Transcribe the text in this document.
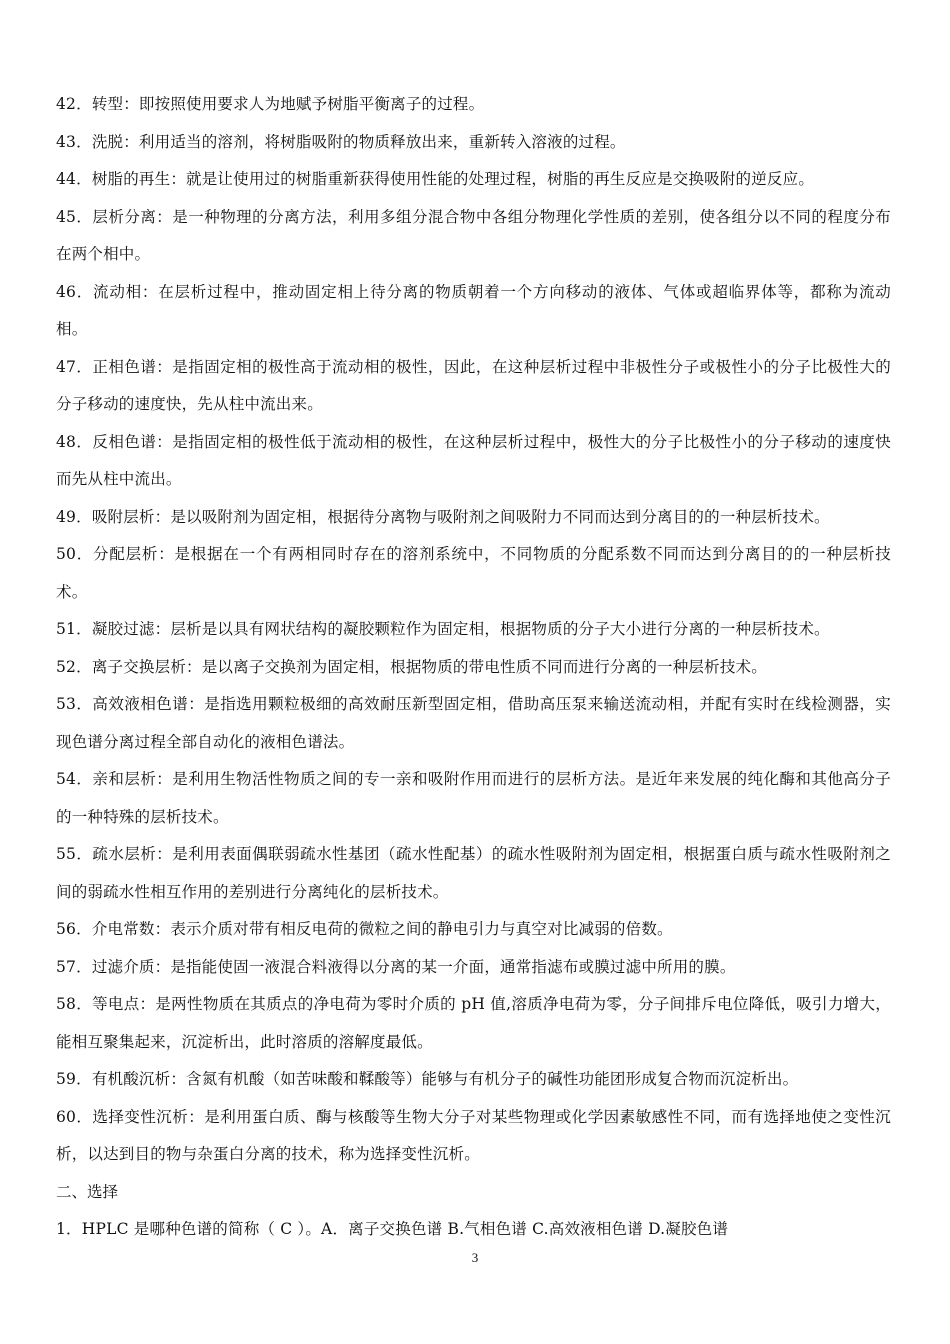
42．转型：即按照使用要求人为地赋予树脂平衡离子的过程。

43．洗脱：利用适当的溶剂，将树脂吸附的物质释放出来，重新转入溶液的过程。

44．树脂的再生：就是让使用过的树脂重新获得使用性能的处理过程，树脂的再生反应是交换吸附的逆反应。

45．层析分离：是一种物理的分离方法，利用多组分混合物中各组分物理化学性质的差别，使各组分以不同的程度分布在两个相中。

46．流动相：在层析过程中，推动固定相上待分离的物质朝着一个方向移动的液体、气体或超临界体等，都称为流动相。

47．正相色谱：是指固定相的极性高于流动相的极性，因此，在这种层析过程中非极性分子或极性小的分子比极性大的分子移动的速度快，先从柱中流出来。

48．反相色谱：是指固定相的极性低于流动相的极性，在这种层析过程中，极性大的分子比极性小的分子移动的速度快而先从柱中流出。

49．吸附层析：是以吸附剂为固定相，根据待分离物与吸附剂之间吸附力不同而达到分离目的的一种层析技术。

50．分配层析：是根据在一个有两相同时存在的溶剂系统中，不同物质的分配系数不同而达到分离目的的一种层析技术。

51．凝胶过滤：层析是以具有网状结构的凝胶颗粒作为固定相，根据物质的分子大小进行分离的一种层析技术。

52．离子交换层析：是以离子交换剂为固定相，根据物质的带电性质不同而进行分离的一种层析技术。

53．高效液相色谱：是指选用颗粒极细的高效耐压新型固定相，借助高压泵来输送流动相，并配有实时在线检测器，实现色谱分离过程全部自动化的液相色谱法。

54．亲和层析：是利用生物活性物质之间的专一亲和吸附作用而进行的层析方法。是近年来发展的纯化酶和其他高分子的一种特殊的层析技术。

55．疏水层析：是利用表面偶联弱疏水性基团（疏水性配基）的疏水性吸附剂为固定相，根据蛋白质与疏水性吸附剂之间的弱疏水性相互作用的差别进行分离纯化的层析技术。

56．介电常数：表示介质对带有相反电荷的微粒之间的静电引力与真空对比减弱的倍数。

57．过滤介质：是指能使固一液混合料液得以分离的某一介面，通常指滤布或膜过滤中所用的膜。

58．等电点：是两性物质在其质点的净电荷为零时介质的 pH 值,溶质净电荷为零，分子间排斥电位降低，吸引力增大，能相互聚集起来，沉淀析出，此时溶质的溶解度最低。

59．有机酸沉析：含氮有机酸（如苦味酸和鞣酸等）能够与有机分子的碱性功能团形成复合物而沉淀析出。

60．选择变性沉析：是利用蛋白质、酶与核酸等生物大分子对某些物理或化学因素敏感性不同，而有选择地使之变性沉析，以达到目的物与杂蛋白分离的技术，称为选择变性沉析。

二、选择

1．HPLC 是哪种色谱的简称（ C ）。A．离子交换色谱 B.气相色谱 C.高效液相色谱 D.凝胶色谱

3
